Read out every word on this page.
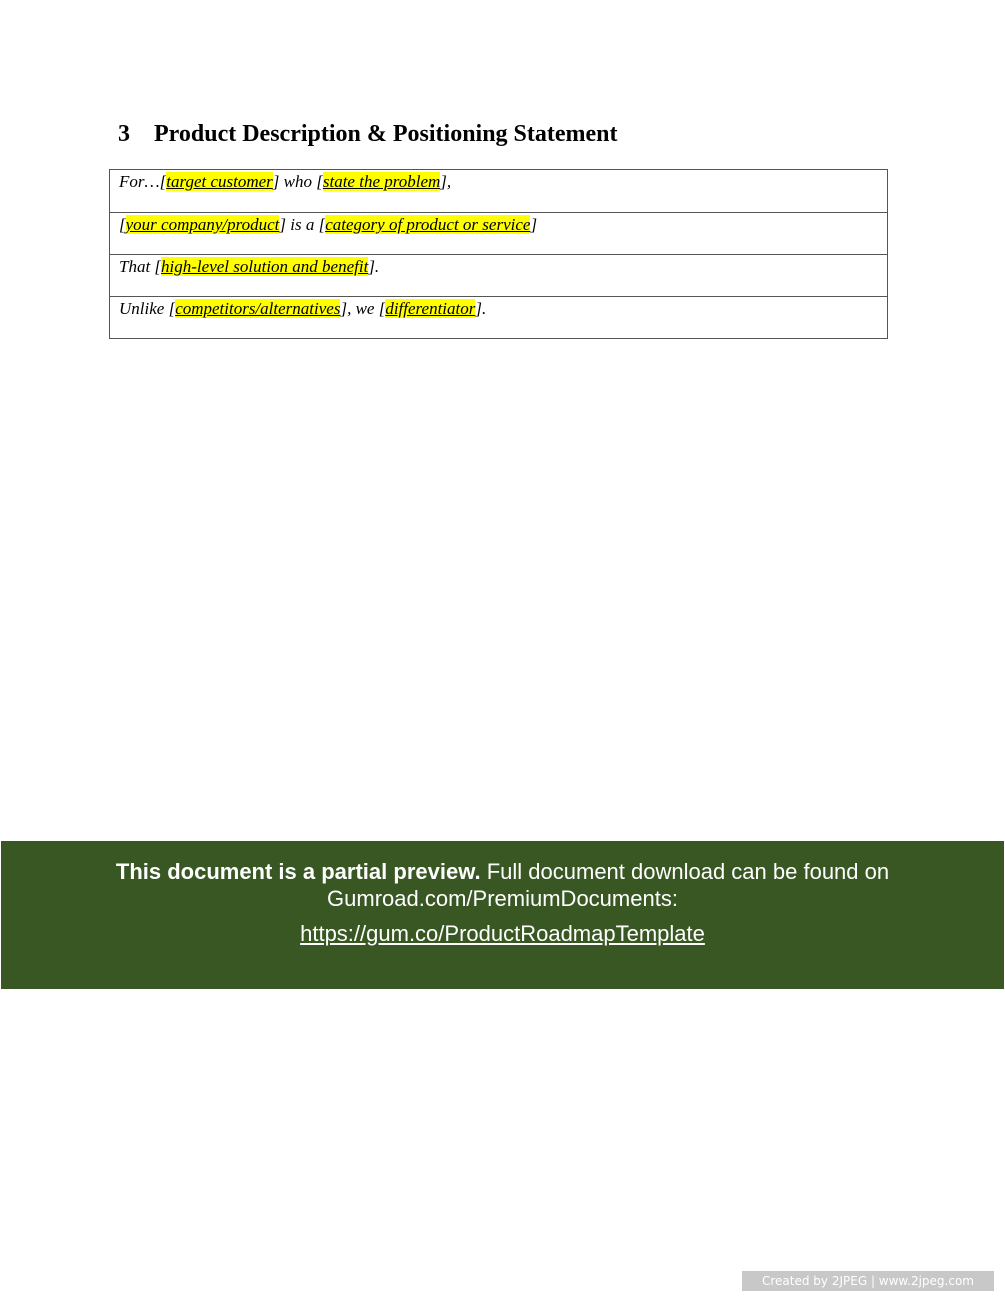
3 Product Description & Positioning Statement
For…[target customer] who [state the problem],

[your company/product] is a [category of product or service]

That [high-level solution and benefit].

Unlike [competitors/alternatives], we [differentiator].
This document is a partial preview. Full document download can be found on
Gumroad.com/PremiumDocuments:
https://gum.co/ProductRoadmapTemplate
Created by 2JPEG | www.2jpeg.com
